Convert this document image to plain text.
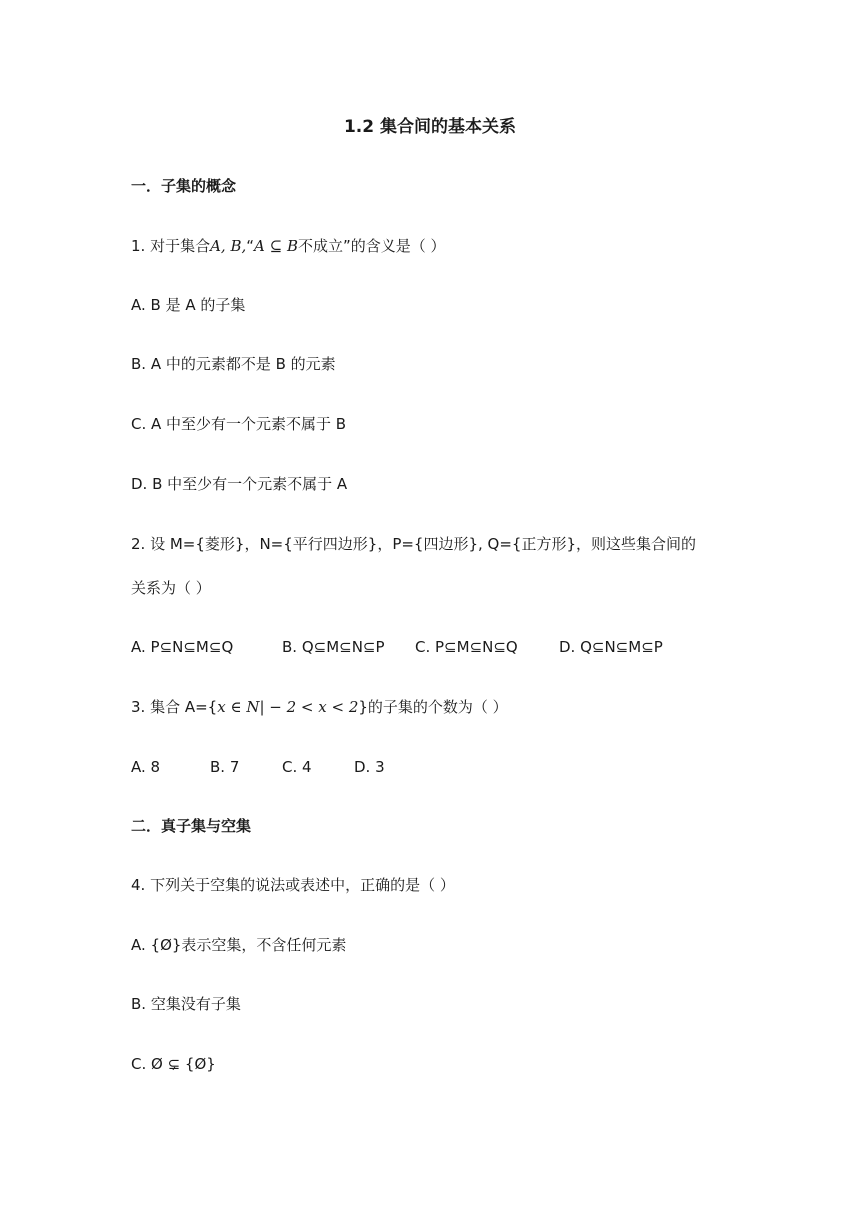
1.2 集合间的基本关系
一．子集的概念
1. 对于集合A, B,“A ⊆ B不成立”的含义是（ ）
A. B 是 A 的子集
B. A 中的元素都不是 B 的元素
C. A 中至少有一个元素不属于 B
D. B 中至少有一个元素不属于 A
2. 设 M={菱形}，N={平行四边形}，P={四边形}, Q={正方形}，则这些集合间的
关系为（ ）
A. P⊆N⊆M⊆Q	B. Q⊆M⊆N⊆P C. P⊆M⊆N⊆Q	D. Q⊆N⊆M⊆P
3. 集合 A={x ∈ N| − 2 < x < 2}的子集的个数为（ ）
A. 8	B. 7	C. 4	D. 3
二．真子集与空集
4. 下列关于空集的说法或表述中，正确的是（ ）
A. {Ø}表示空集，不含任何元素
B. 空集没有子集
C. Ø ⊊ {Ø}
